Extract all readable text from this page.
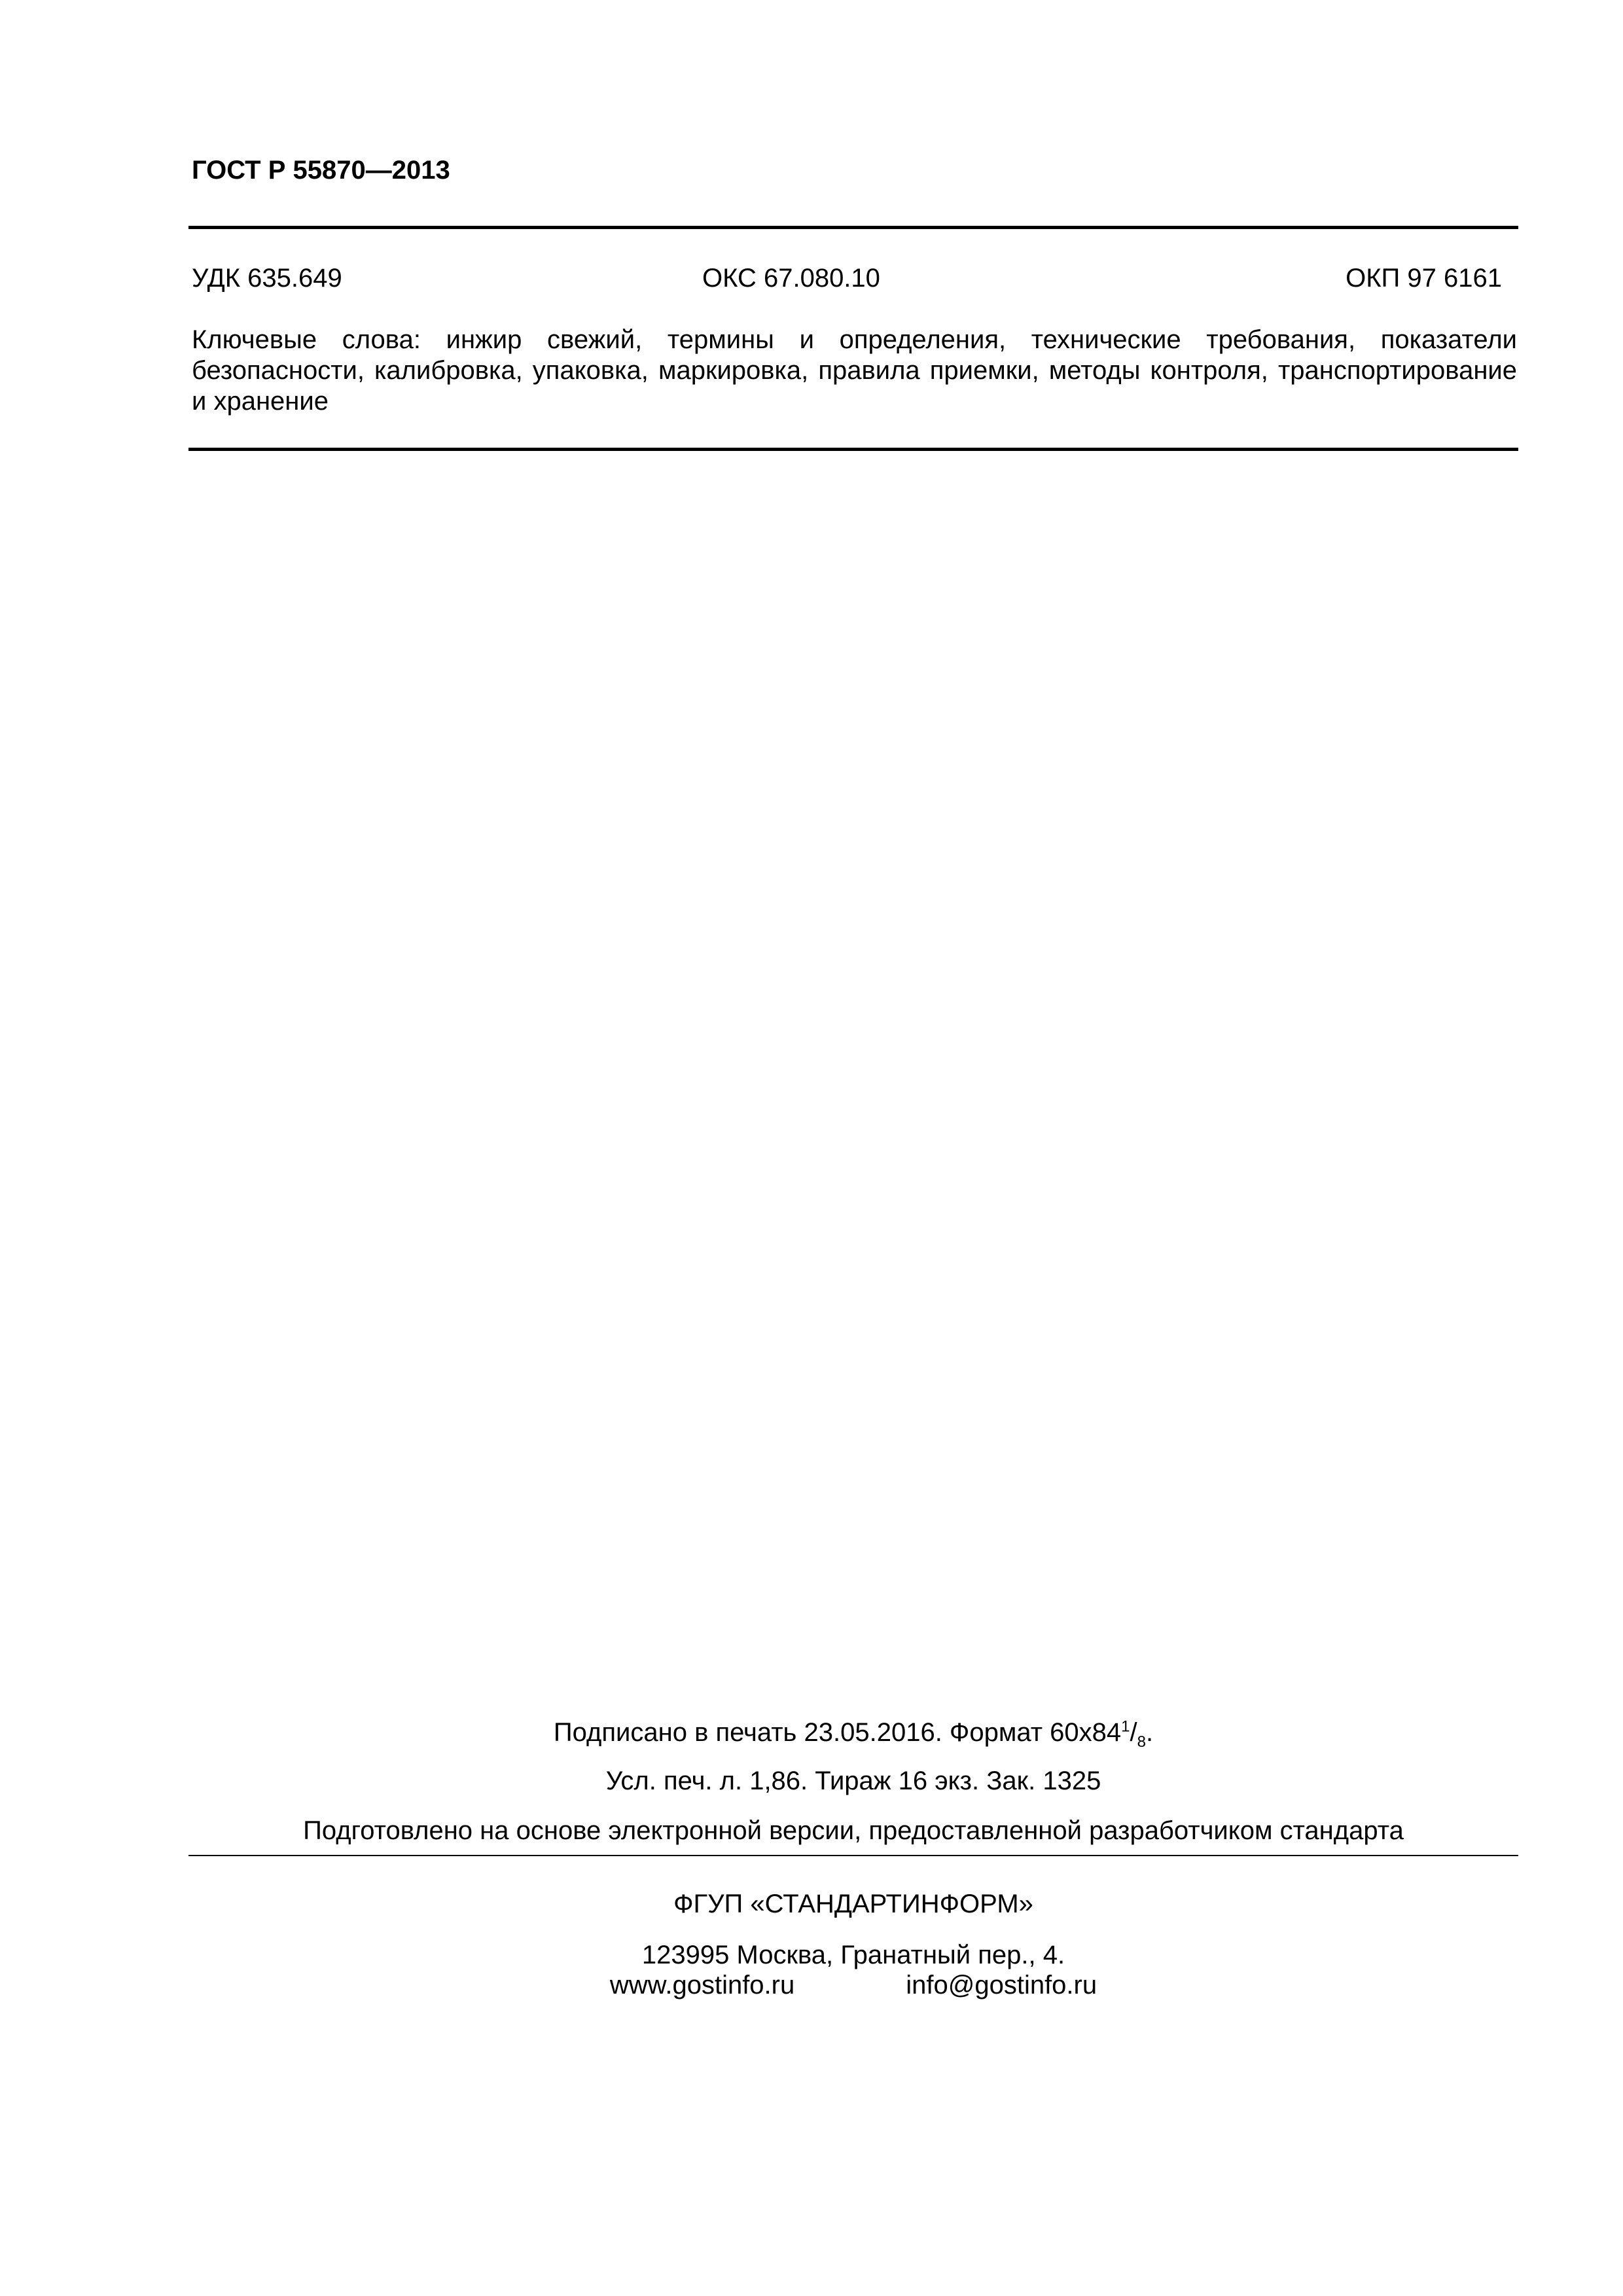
ГОСТ Р 55870—2013
УДК 635.649	ОКС 67.080.10	ОКП 97 6161
Ключевые слова: инжир свежий, термины и определения, технические требования, показатели безопасности, калибровка, упаковка, маркировка, правила приемки, методы контроля, транспортирование и хранение
Подписано в печать 23.05.2016. Формат $60х84^1/_8$.
Усл. печ. л. 1,86. Тираж 16 экз. Зак. 1325
Подготовлено на основе электронной версии, предоставленной разработчиком стандарта
ФГУП «СТАНДАРТИНФОРМ»
123995 Москва, Гранатный пер., 4.
www.gostinfo.ru	info@gostinfo.ru
